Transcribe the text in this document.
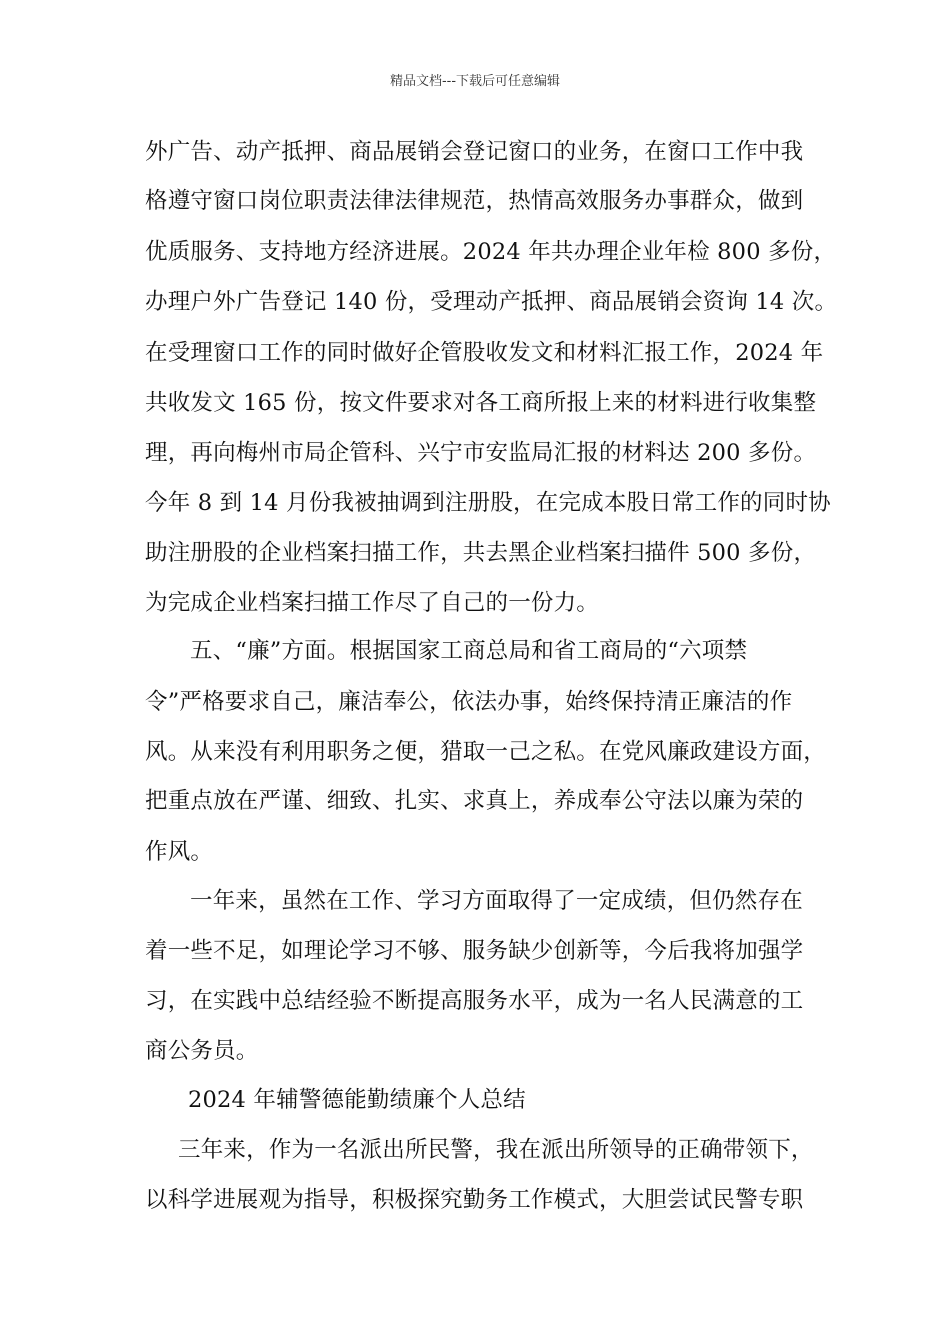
精品文档---下载后可任意编辑
外广告、动产抵押、商品展销会登记窗口的业务，在窗口工作中我
格遵守窗口岗位职责法律法律规范，热情高效服务办事群众，做到
优质服务、支持地方经济进展。2024 年共办理企业年检 800 多份，
办理户外广告登记 140 份，受理动产抵押、商品展销会资询 14 次。
在受理窗口工作的同时做好企管股收发文和材料汇报工作，2024 年
共收发文 165 份，按文件要求对各工商所报上来的材料进行收集整
理，再向梅州市局企管科、兴宁市安监局汇报的材料达 200 多份。
今年 8 到 14 月份我被抽调到注册股，在完成本股日常工作的同时协
助注册股的企业档案扫描工作，共去黑企业档案扫描件 500 多份，
为完成企业档案扫描工作尽了自己的一份力。
五、“廉”方面。根据国家工商总局和省工商局的“六项禁
令”严格要求自己，廉洁奉公，依法办事，始终保持清正廉洁的作
风。从来没有利用职务之便，猎取一己之私。在党风廉政建设方面，
把重点放在严谨、细致、扎实、求真上，养成奉公守法以廉为荣的
作风。
一年来，虽然在工作、学习方面取得了一定成绩，但仍然存在
着一些不足，如理论学习不够、服务缺少创新等，今后我将加强学
习，在实践中总结经验不断提高服务水平，成为一名人民满意的工
商公务员。
2024 年辅警德能勤绩廉个人总结
三年来，作为一名派出所民警，我在派出所领导的正确带领下，
以科学进展观为指导，积极探究勤务工作模式，大胆尝试民警专职
